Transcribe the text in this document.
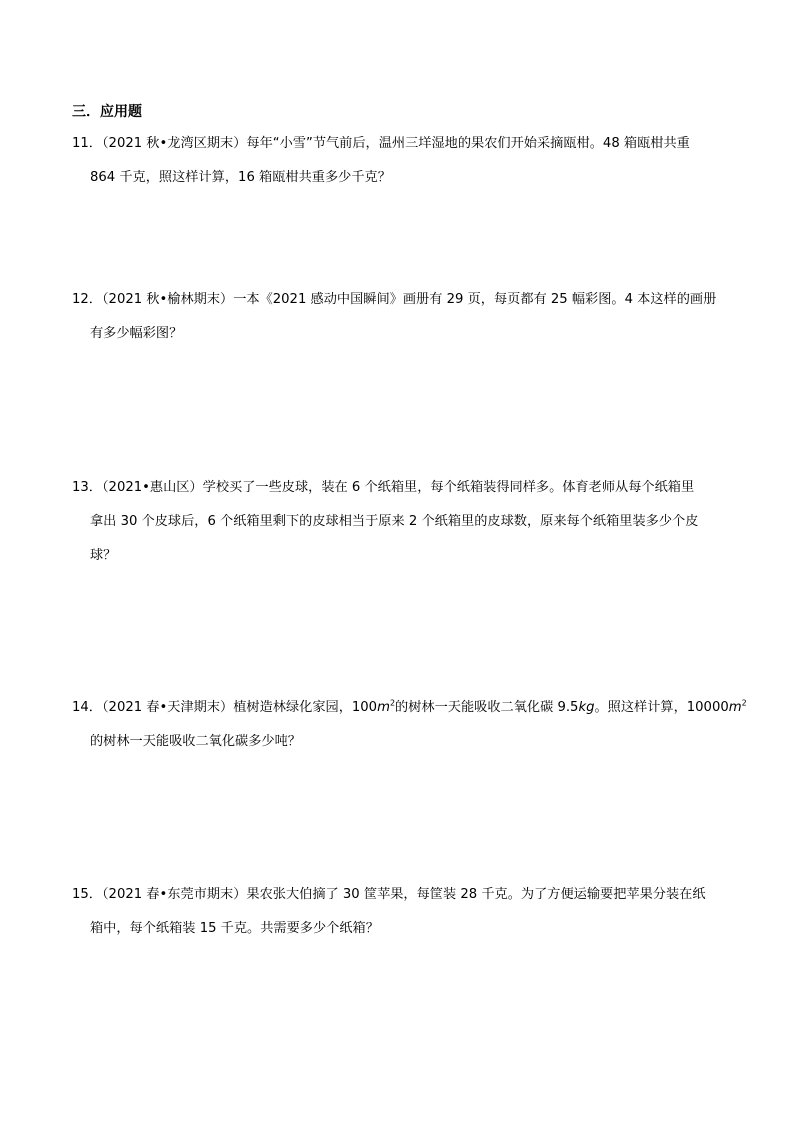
三．应用题
11．（2021 秋•龙湾区期末）每年“小雪”节气前后，温州三垟湿地的果农们开始采摘瓯柑。48 箱瓯柑共重
864 千克，照这样计算，16 箱瓯柑共重多少千克？
12．（2021 秋•榆林期末）一本《2021 感动中国瞬间》画册有 29 页，每页都有 25 幅彩图。4 本这样的画册
有多少幅彩图？
13．（2021•惠山区）学校买了一些皮球，装在 6 个纸箱里，每个纸箱装得同样多。体育老师从每个纸箱里
拿出 30 个皮球后，6 个纸箱里剩下的皮球相当于原来 2 个纸箱里的皮球数，原来每个纸箱里装多少个皮
球？
14．（2021 春•天津期末）植树造林绿化家园，$100m^2$的树林一天能吸收二氧化碳 9.5kg。照这样计算，$10000m^2$
的树林一天能吸收二氧化碳多少吨？
15．（2021 春•东莞市期末）果农张大伯摘了 30 筐苹果，每筐装 28 千克。为了方便运输要把苹果分装在纸
箱中，每个纸箱装 15 千克。共需要多少个纸箱？
